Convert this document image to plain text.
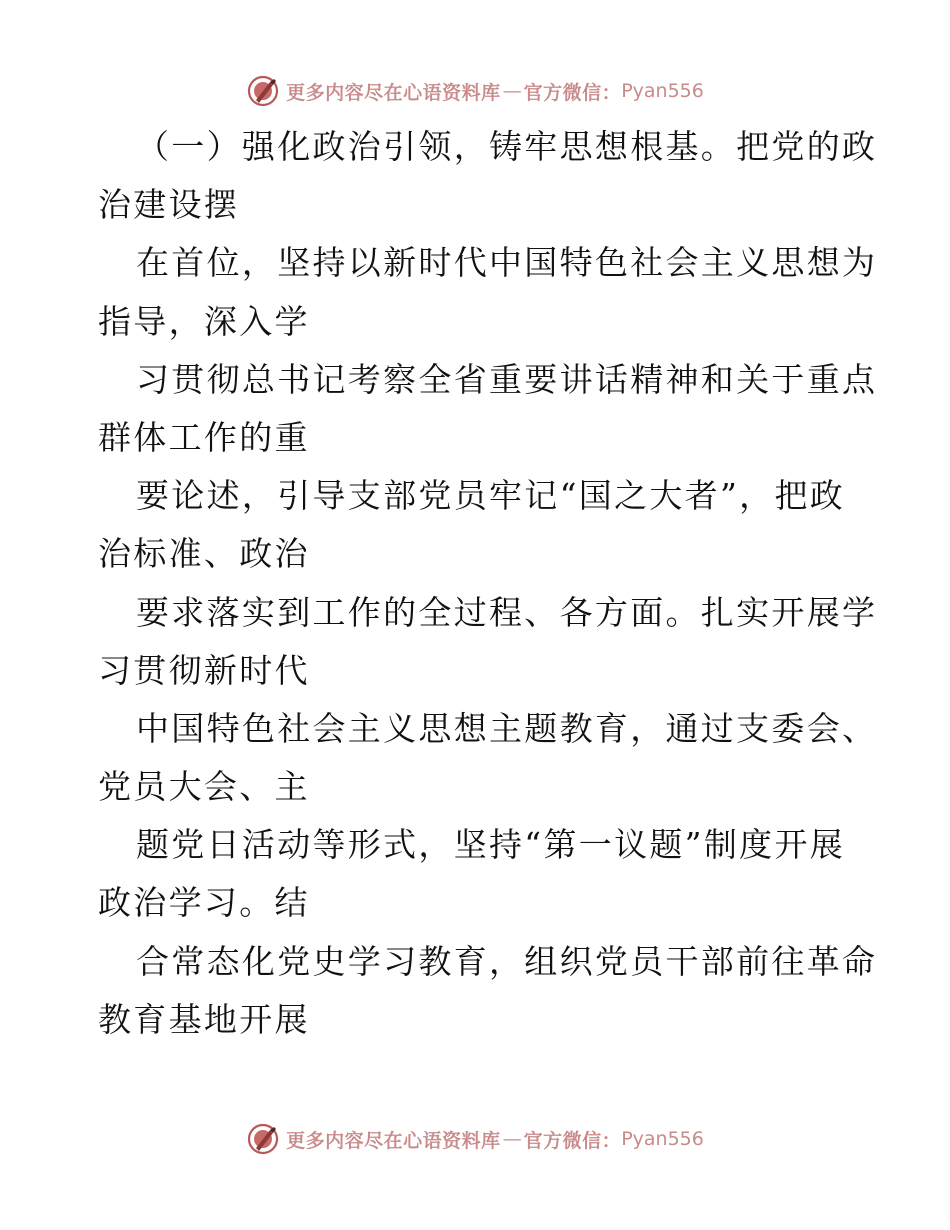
更多内容尽在心语资料库 — 官方微信： Pyan556
（一）强化政治引领，铸牢思想根基。把党的政
治建设摆
在首位，坚持以新时代中国特色社会主义思想为
指导，深入学
习贯彻总书记考察全省重要讲话精神和关于重点
群体工作的重
要论述，引导支部党员牢记“国之大者”，把政
治标准、政治
要求落实到工作的全过程、各方面。扎实开展学
习贯彻新时代
中国特色社会主义思想主题教育，通过支委会、
党员大会、主
题党日活动等形式，坚持“第一议题”制度开展
政治学习。结
合常态化党史学习教育，组织党员干部前往革命
教育基地开展
更多内容尽在心语资料库 — 官方微信： Pyan556
